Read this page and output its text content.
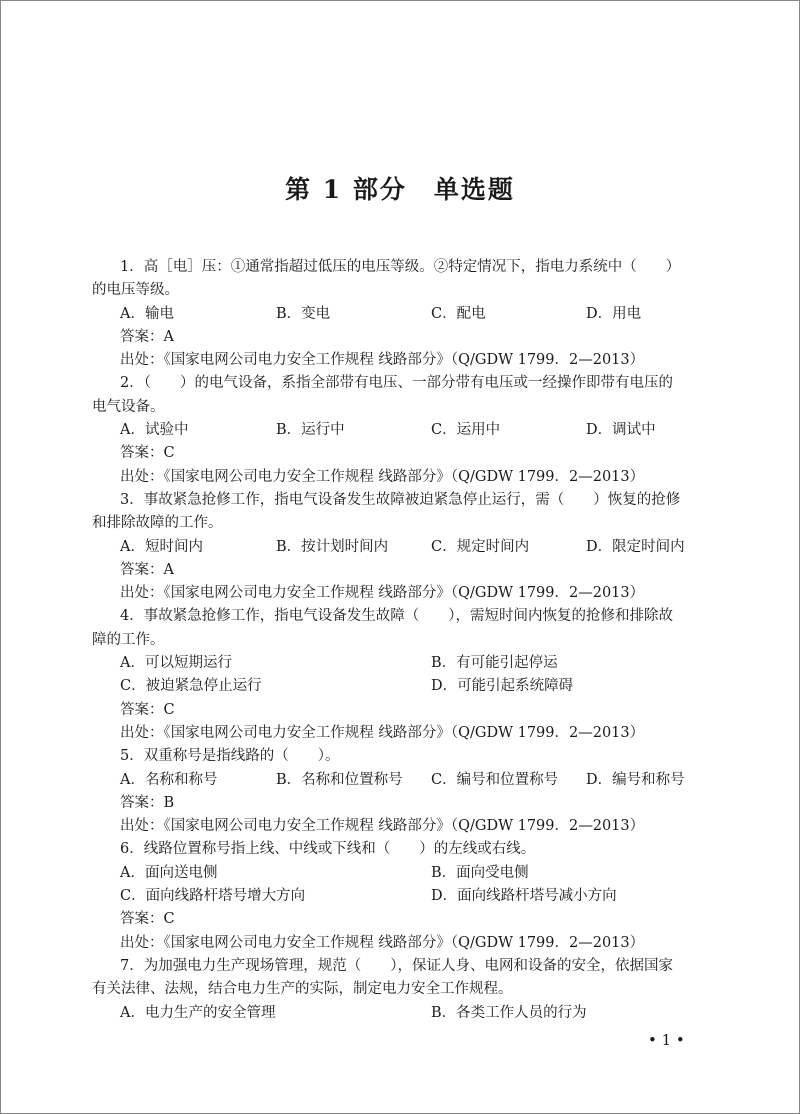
第 1 部分　单选题
1．高［电］压：①通常指超过低压的电压等级。②特定情况下，指电力系统中（　　）
的电压等级。
A．输电	B．变电	C．配电	D．用电
答案：A
出处：《国家电网公司电力安全工作规程 线路部分》（Q/GDW 1799．2—2013）
2．（　　）的电气设备，系指全部带有电压、一部分带有电压或一经操作即带有电压的
电气设备。
A．试验中	B．运行中	C．运用中	D．调试中
答案：C
出处：《国家电网公司电力安全工作规程 线路部分》（Q/GDW 1799．2—2013）
3．事故紧急抢修工作，指电气设备发生故障被迫紧急停止运行，需（　　）恢复的抢修
和排除故障的工作。
A．短时间内	B．按计划时间内	C．规定时间内	D．限定时间内
答案：A
出处：《国家电网公司电力安全工作规程 线路部分》（Q/GDW 1799．2—2013）
4．事故紧急抢修工作，指电气设备发生故障（　　），需短时间内恢复的抢修和排除故
障的工作。
A．可以短期运行	B．有可能引起停运
C．被迫紧急停止运行	D．可能引起系统障碍
答案：C
出处：《国家电网公司电力安全工作规程 线路部分》（Q/GDW 1799．2—2013）
5．双重称号是指线路的（　　）。
A．名称和称号	B．名称和位置称号 C．编号和位置称号 D．编号和称号
答案：B
出处：《国家电网公司电力安全工作规程 线路部分》（Q/GDW 1799．2—2013）
6．线路位置称号指上线、中线或下线和（　　）的左线或右线。
A．面向送电侧	B．面向受电侧
C．面向线路杆塔号增大方向	D．面向线路杆塔号减小方向
答案：C
出处：《国家电网公司电力安全工作规程 线路部分》（Q/GDW 1799．2—2013）
7．为加强电力生产现场管理，规范（　　），保证人身、电网和设备的安全，依据国家
有关法律、法规，结合电力生产的实际，制定电力安全工作规程。
A．电力生产的安全管理	B．各类工作人员的行为
• 1 •
